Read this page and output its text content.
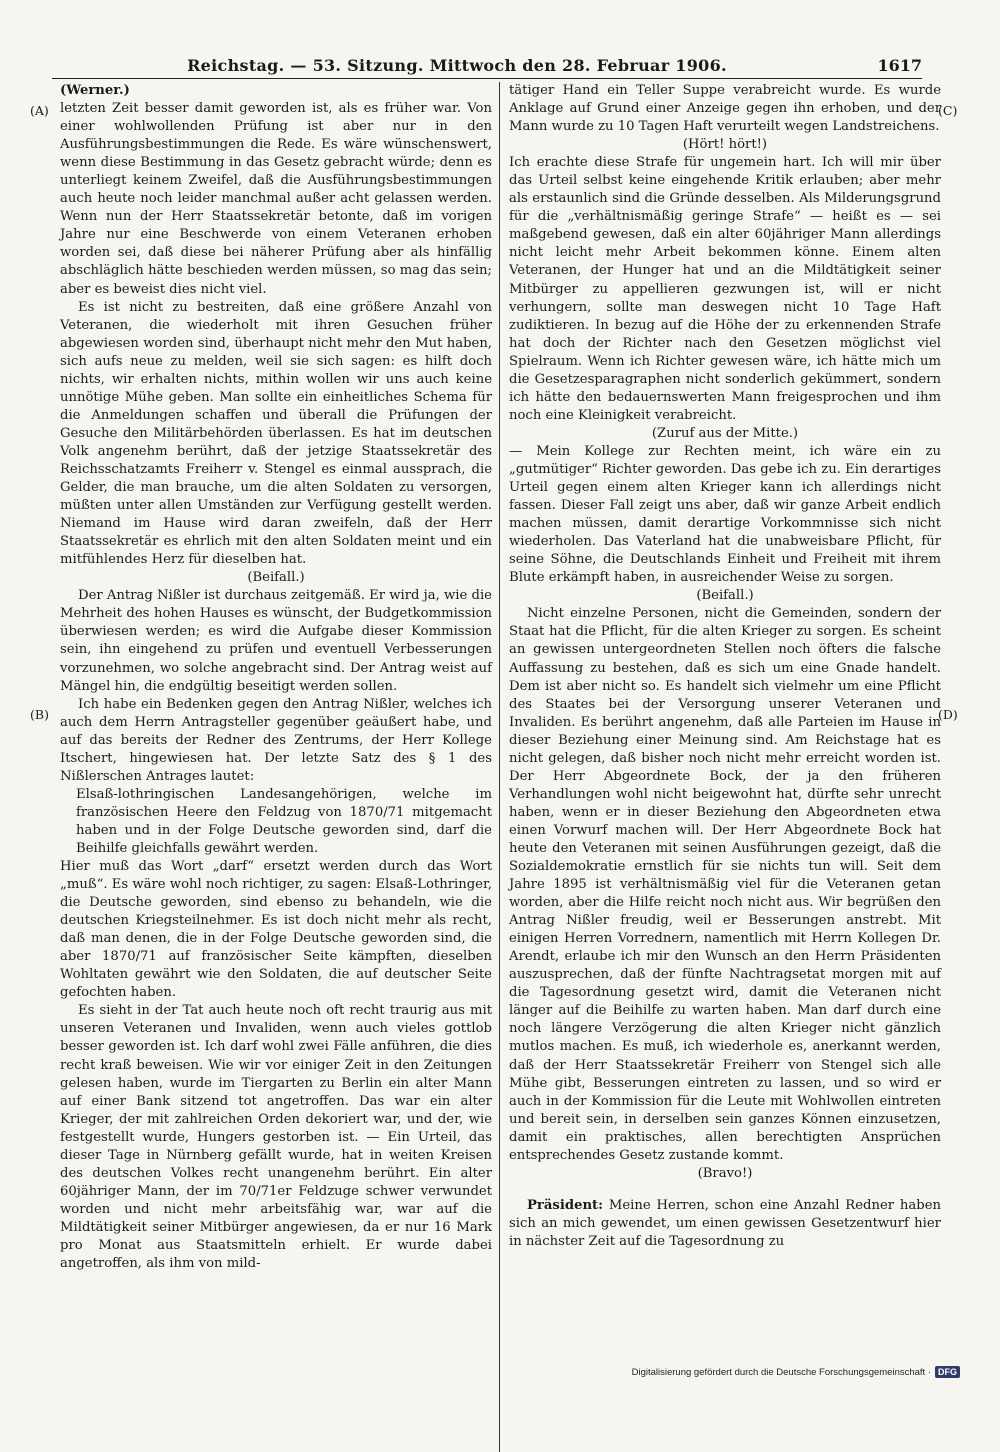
Reichstag. — 53. Sitzung. Mittwoch den 28. Februar 1906.	1617
(A)
(B)
(C)
(D)

(Werner.)

letzten Zeit besser damit geworden ist, als es früher war. Von einer wohlwollenden Prüfung ist aber nur in den Ausführungsbestimmungen die Rede. Es wäre wünschenswert, wenn diese Bestimmung in das Gesetz gebracht würde; denn es unterliegt keinem Zweifel, daß die Ausführungsbestimmungen auch heute noch leider manchmal außer acht gelassen werden. Wenn nun der Herr Staatssekretär betonte, daß im vorigen Jahre nur eine Beschwerde von einem Veteranen erhoben worden sei, daß diese bei näherer Prüfung aber als hinfällig abschläglich hätte beschieden werden müssen, so mag das sein; aber es beweist dies nicht viel.

Es ist nicht zu bestreiten, daß eine größere Anzahl von Veteranen, die wiederholt mit ihren Gesuchen früher abgewiesen worden sind, überhaupt nicht mehr den Mut haben, sich aufs neue zu melden, weil sie sich sagen: es hilft doch nichts, wir erhalten nichts, mithin wollen wir uns auch keine unnötige Mühe geben. Man sollte ein einheitliches Schema für die Anmeldungen schaffen und überall die Prüfungen der Gesuche den Militärbehörden überlassen. Es hat im deutschen Volk angenehm berührt, daß der jetzige Staatssekretär des Reichsschatzamts Freiherr v. Stengel es einmal aussprach, die Gelder, die man brauche, um die alten Soldaten zu versorgen, müßten unter allen Umständen zur Verfügung gestellt werden. Niemand im Hause wird daran zweifeln, daß der Herr Staatssekretär es ehrlich mit den alten Soldaten meint und ein mitfühlendes Herz für dieselben hat.

(Beifall.)

Der Antrag Nißler ist durchaus zeitgemäß. Er wird ja, wie die Mehrheit des hohen Hauses es wünscht, der Budgetkommission überwiesen werden; es wird die Aufgabe dieser Kommission sein, ihn eingehend zu prüfen und eventuell Verbesserungen vorzunehmen, wo solche angebracht sind. Der Antrag weist auf Mängel hin, die endgültig beseitigt werden sollen.

Ich habe ein Bedenken gegen den Antrag Nißler, welches ich auch dem Herrn Antragsteller gegenüber geäußert habe, und auf das bereits der Redner des Zentrums, der Herr Kollege Itschert, hingewiesen hat. Der letzte Satz des § 1 des Nißlerschen Antrages lautet:

Elsaß-lothringischen Landesangehörigen, welche im französischen Heere den Feldzug von 1870/71 mitgemacht haben und in der Folge Deutsche geworden sind, darf die Beihilfe gleichfalls gewährt werden.

Hier muß das Wort „darf“ ersetzt werden durch das Wort „muß“. Es wäre wohl noch richtiger, zu sagen: Elsaß-Lothringer, die Deutsche geworden, sind ebenso zu behandeln, wie die deutschen Kriegsteilnehmer. Es ist doch nicht mehr als recht, daß man denen, die in der Folge Deutsche geworden sind, die aber 1870/71 auf französischer Seite kämpften, dieselben Wohltaten gewährt wie den Soldaten, die auf deutscher Seite gefochten haben.

Es sieht in der Tat auch heute noch oft recht traurig aus mit unseren Veteranen und Invaliden, wenn auch vieles gottlob besser geworden ist. Ich darf wohl zwei Fälle anführen, die dies recht kraß beweisen. Wie wir vor einiger Zeit in den Zeitungen gelesen haben, wurde im Tiergarten zu Berlin ein alter Mann auf einer Bank sitzend tot angetroffen. Das war ein alter Krieger, der mit zahlreichen Orden dekoriert war, und der, wie festgestellt wurde, Hungers gestorben ist. — Ein Urteil, das dieser Tage in Nürnberg gefällt wurde, hat in weiten Kreisen des deutschen Volkes recht unangenehm berührt. Ein alter 60jähriger Mann, der im 70/71er Feldzuge schwer verwundet worden und nicht mehr arbeitsfähig war, war auf die Mildtätigkeit seiner Mitbürger angewiesen, da er nur 16 Mark pro Monat aus Staatsmitteln erhielt. Er wurde dabei angetroffen, als ihm von mild-

tätiger Hand ein Teller Suppe verabreicht wurde. Es wurde Anklage auf Grund einer Anzeige gegen ihn erhoben, und der Mann wurde zu 10 Tagen Haft verurteilt wegen Landstreichens.

(Hört! hört!)

Ich erachte diese Strafe für ungemein hart. Ich will mir über das Urteil selbst keine eingehende Kritik erlauben; aber mehr als erstaunlich sind die Gründe desselben. Als Milderungsgrund für die „verhältnismäßig geringe Strafe“ — heißt es — sei maßgebend gewesen, daß ein alter 60jähriger Mann allerdings nicht leicht mehr Arbeit bekommen könne. Einem alten Veteranen, der Hunger hat und an die Mildtätigkeit seiner Mitbürger zu appellieren gezwungen ist, will er nicht verhungern, sollte man deswegen nicht 10 Tage Haft zudiktieren. In bezug auf die Höhe der zu erkennenden Strafe hat doch der Richter nach den Gesetzen möglichst viel Spielraum. Wenn ich Richter gewesen wäre, ich hätte mich um die Gesetzesparagraphen nicht sonderlich gekümmert, sondern ich hätte den bedauernswerten Mann freigesprochen und ihm noch eine Kleinigkeit verabreicht.

(Zuruf aus der Mitte.)

— Mein Kollege zur Rechten meint, ich wäre ein zu „gutmütiger“ Richter geworden. Das gebe ich zu. Ein derartiges Urteil gegen einem alten Krieger kann ich allerdings nicht fassen. Dieser Fall zeigt uns aber, daß wir ganze Arbeit endlich machen müssen, damit derartige Vorkommnisse sich nicht wiederholen. Das Vaterland hat die unabweisbare Pflicht, für seine Söhne, die Deutschlands Einheit und Freiheit mit ihrem Blute erkämpft haben, in ausreichender Weise zu sorgen.

(Beifall.)

Nicht einzelne Personen, nicht die Gemeinden, sondern der Staat hat die Pflicht, für die alten Krieger zu sorgen. Es scheint an gewissen untergeordneten Stellen noch öfters die falsche Auffassung zu bestehen, daß es sich um eine Gnade handelt. Dem ist aber nicht so. Es handelt sich vielmehr um eine Pflicht des Staates bei der Versorgung unserer Veteranen und Invaliden. Es berührt angenehm, daß alle Parteien im Hause in dieser Beziehung einer Meinung sind. Am Reichstage hat es nicht gelegen, daß bisher noch nicht mehr erreicht worden ist. Der Herr Abgeordnete Bock, der ja den früheren Verhandlungen wohl nicht beigewohnt hat, dürfte sehr unrecht haben, wenn er in dieser Beziehung den Abgeordneten etwa einen Vorwurf machen will. Der Herr Abgeordnete Bock hat heute den Veteranen mit seinen Ausführungen gezeigt, daß die Sozialdemokratie ernstlich für sie nichts tun will. Seit dem Jahre 1895 ist verhältnismäßig viel für die Veteranen getan worden, aber die Hilfe reicht noch nicht aus. Wir begrüßen den Antrag Nißler freudig, weil er Besserungen anstrebt. Mit einigen Herren Vorrednern, namentlich mit Herrn Kollegen Dr. Arendt, erlaube ich mir den Wunsch an den Herrn Präsidenten auszusprechen, daß der fünfte Nachtragsetat morgen mit auf die Tagesordnung gesetzt wird, damit die Veteranen nicht länger auf die Beihilfe zu warten haben. Man darf durch eine noch längere Verzögerung die alten Krieger nicht gänzlich mutlos machen. Es muß, ich wiederhole es, anerkannt werden, daß der Herr Staatssekretär Freiherr von Stengel sich alle Mühe gibt, Besserungen eintreten zu lassen, und so wird er auch in der Kommission für die Leute mit Wohlwollen eintreten und bereit sein, in derselben sein ganzes Können einzusetzen, damit ein praktisches, allen berechtigten Ansprüchen entsprechendes Gesetz zustande kommt.

(Bravo!)

Präsident: Meine Herren, schon eine Anzahl Redner haben sich an mich gewendet, um einen gewissen Gesetzentwurf hier in nächster Zeit auf die Tagesordnung zu

Digitalisierung gefördert durch die Deutsche Forschungsgemeinschaft · DFG
